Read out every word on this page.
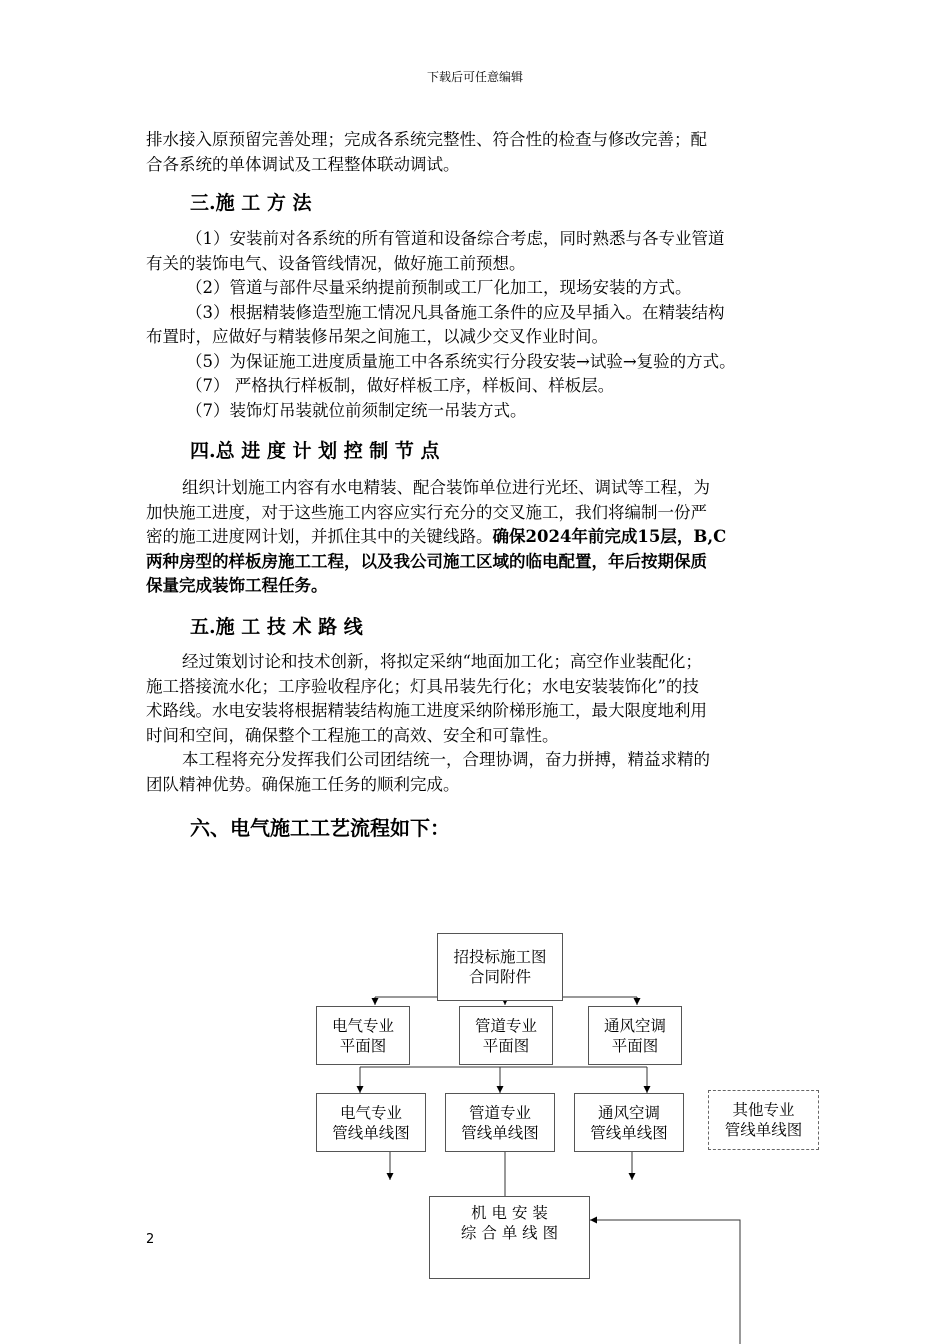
下载后可任意编辑
排水接入原预留完善处理；完成各系统完整性、符合性的检查与修改完善；配
合各系统的单体调试及工程整体联动调试。
三.施 工 方 法
（1）安装前对各系统的所有管道和设备综合考虑，同时熟悉与各专业管道
有关的装饰电气、设备管线情况，做好施工前预想。
（2）管道与部件尽量采纳提前预制或工厂化加工，现场安装的方式。
（3）根据精装修造型施工情况凡具备施工条件的应及早插入。在精装结构
布置时，应做好与精装修吊架之间施工，以减少交叉作业时间。
（5）为保证施工进度质量施工中各系统实行分段安装→试验→复验的方式。
（7） 严格执行样板制，做好样板工序，样板间、样板层。
（7）装饰灯吊装就位前须制定统一吊装方式。
四.总 进 度 计 划 控 制 节 点
组织计划施工内容有水电精装、配合装饰单位进行光坯、调试等工程，为
加快施工进度，对于这些施工内容应实行充分的交叉施工，我们将编制一份严
密的施工进度网计划，并抓住其中的关键线路。确保2024年前完成15层，B,C
两种房型的样板房施工工程，以及我公司施工区域的临电配置，年后按期保质
保量完成装饰工程任务。
五.施 工 技 术 路 线
经过策划讨论和技术创新，将拟定采纳“地面加工化；高空作业装配化；
施工搭接流水化；工序验收程序化；灯具吊装先行化；水电安装装饰化”的技
术路线。水电安装将根据精装结构施工进度采纳阶梯形施工，最大限度地利用
时间和空间，确保整个工程施工的高效、安全和可靠性。
本工程将充分发挥我们公司团结统一，合理协调，奋力拼搏，精益求精的
团队精神优势。确保施工任务的顺利完成。
六、电气施工工艺流程如下：
招投标施工图
合同附件
电气专业
平面图
管道专业
平面图
通风空调
平面图
电气专业
管线单线图
管道专业
管线单线图
通风空调
管线单线图
其他专业
管线单线图
机 电 安 装
综 合 单 线 图
2
